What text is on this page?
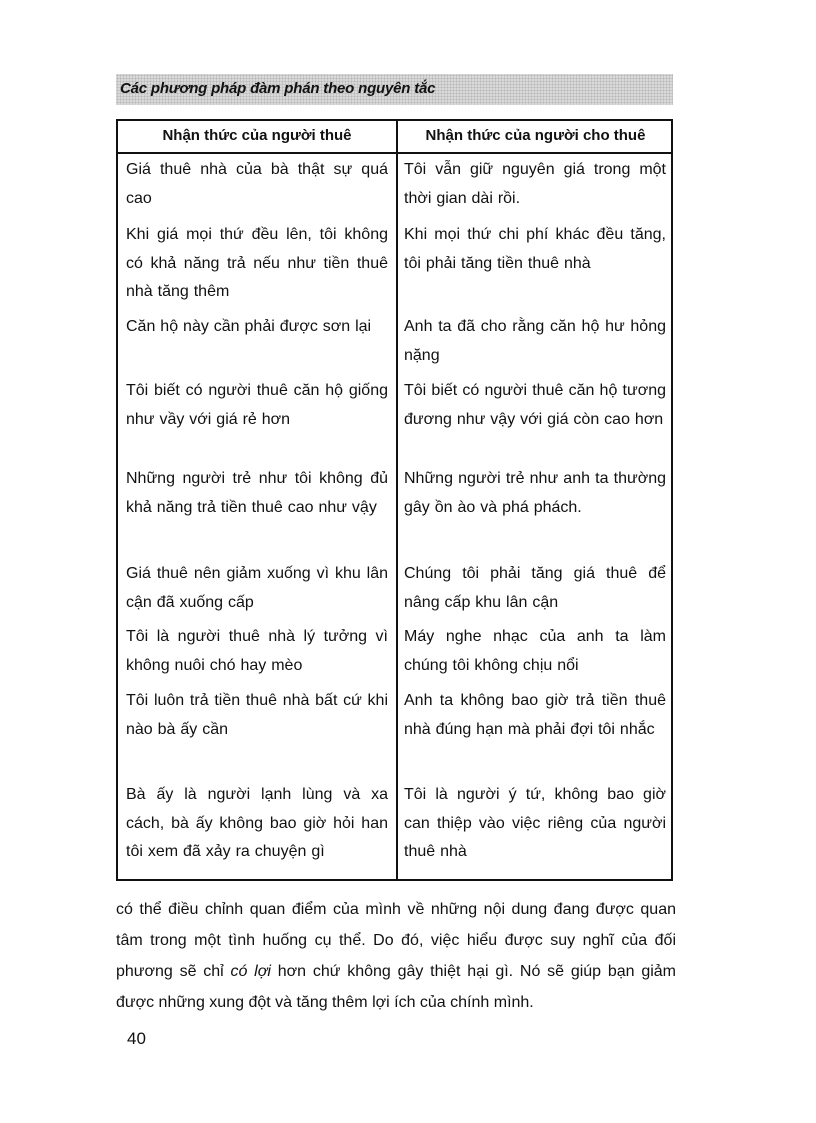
Các phương pháp đàm phán theo nguyên tắc
Nhận thức của người thuê	Nhận thức của người cho thuê
Giá thuê nhà của bà thật sự quá cao
Tôi vẫn giữ nguyên giá trong một thời gian dài rồi.
Khi giá mọi thứ đều lên, tôi không có khả năng trả nếu như tiền thuê nhà tăng thêm
Khi mọi thứ chi phí khác đều tăng, tôi phải tăng tiền thuê nhà
Căn hộ này cần phải được sơn lại	Anh ta đã cho rằng căn hộ hư hỏng nặng
Tôi biết có người thuê căn hộ giống như vầy với giá rẻ hơn
Tôi biết có người thuê căn hộ tương đương như vậy với giá còn cao hơn
Những người trẻ như tôi không đủ khả năng trả tiền thuê cao như vậy
Những người trẻ như anh ta thường gây ồn ào và phá phách.
Giá thuê nên giảm xuống vì khu lân cận đã xuống cấp
Chúng tôi phải tăng giá thuê để nâng cấp khu lân cận
Tôi là người thuê nhà lý tưởng vì không nuôi chó hay mèo
Máy nghe nhạc của anh ta làm chúng tôi không chịu nổi
Tôi luôn trả tiền thuê nhà bất cứ khi nào bà ấy cần
Anh ta không bao giờ trả tiền thuê nhà đúng hạn mà phải đợi tôi nhắc
Bà ấy là người lạnh lùng và xa cách, bà ấy không bao giờ hỏi han tôi xem đã xảy ra chuyện gì
Tôi là người ý tứ, không bao giờ can thiệp vào việc riêng của người thuê nhà
có thể điều chỉnh quan điểm của mình về những nội dung đang được quan tâm trong một tình huống cụ thể. Do đó, việc hiểu được suy nghĩ của đối phương sẽ chỉ có lợi hơn chứ không gây thiệt hại gì. Nó sẽ giúp bạn giảm được những xung đột và tăng thêm lợi ích của chính mình.
40
